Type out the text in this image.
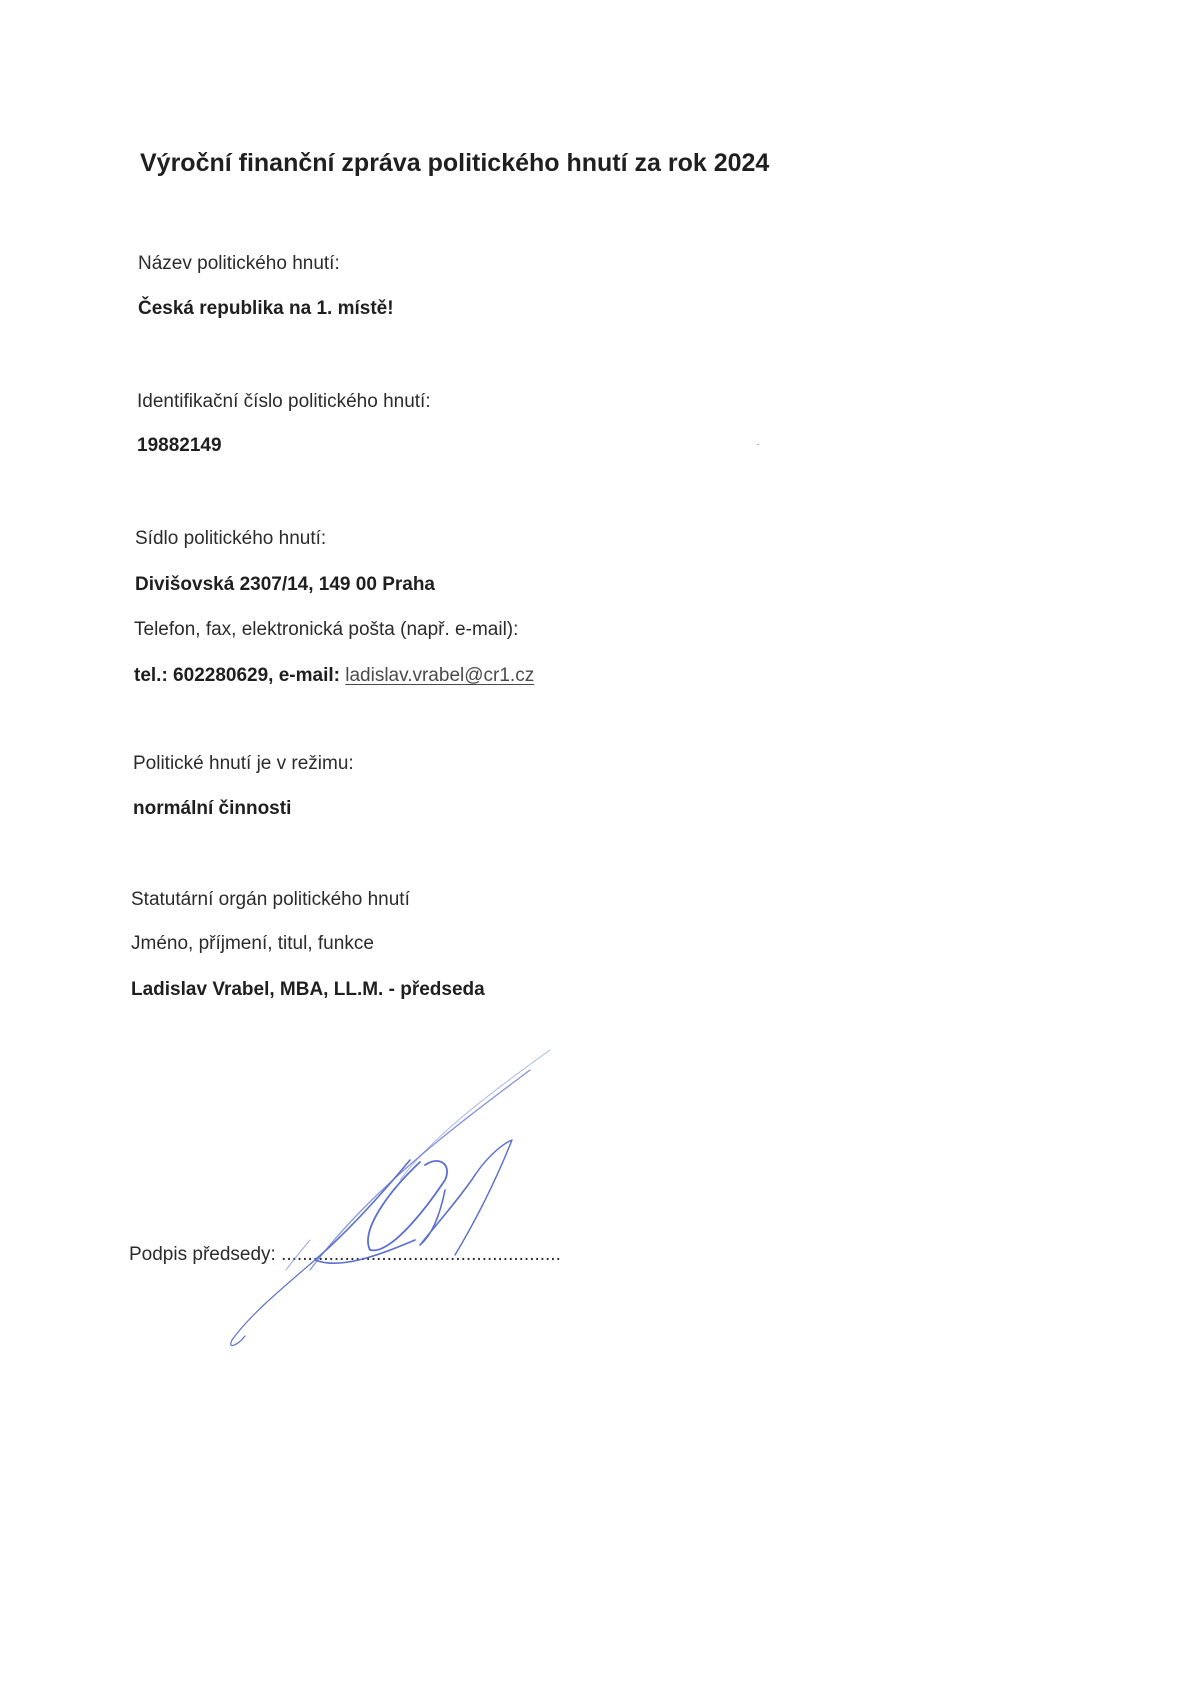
Výroční finanční zpráva politického hnutí za rok 2024
Název politického hnutí:
Česká republika na 1. místě!
Identifikační číslo politického hnutí:
19882149
Sídlo politického hnutí:
Divišovská 2307/14, 149 00 Praha
Telefon, fax, elektronická pošta (např. e-mail):
tel.: 602280629, e-mail: ladislav.vrabel@cr1.cz
Politické hnutí je v režimu:
normální činnosti
Statutární orgán politického hnutí
Jméno, příjmení, titul, funkce
Ladislav Vrabel, MBA, LL.M. - předseda
Podpis předsedy: .....................................................
